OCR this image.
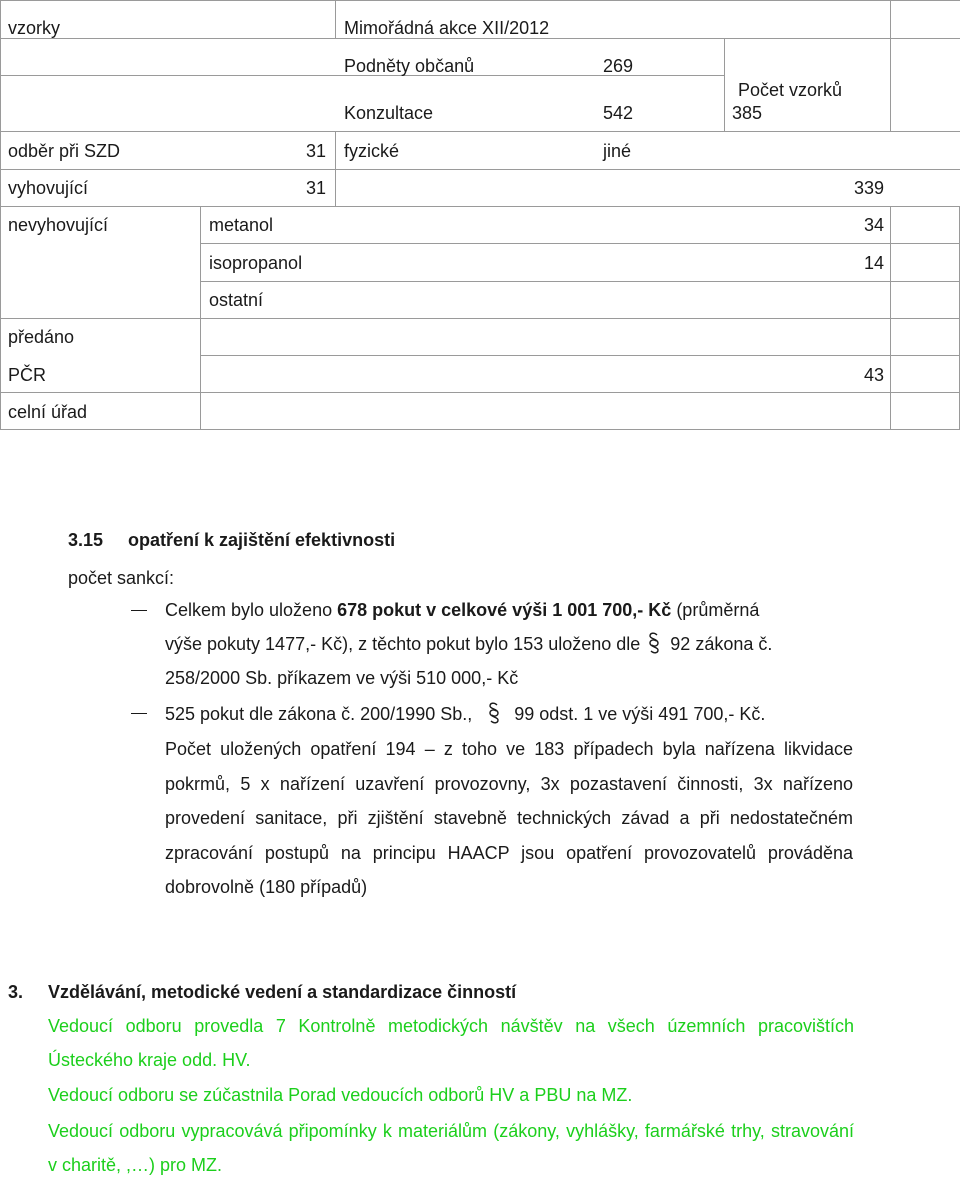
vzorky	Mimořádná akce XII/2012
Podněty občanů	269
Konzultace	542
Počet vzorků
385
odběr při SZD	31 fyzické	jiné
vyhovující	31	339
nevyhovující	metanol	34
isopropanol	14
ostatní
předáno
PČR	43
celní úřad
3.15 opatření k zajištění efektivnosti
počet sankcí:
Celkem bylo uloženo 678 pokut v celkové výši 1 001 700,- Kč (průměrná
výše pokuty 1477,- Kč), z těchto pokut bylo 153 uloženo dle 92 zákona č.
258/2000 Sb. příkazem ve výši 510 000,- Kč
525 pokut dle zákona č. 200/1990 Sb., 99 odst. 1 ve výši 491 700,- Kč.
Počet uložených opatření 194 – z toho ve 183 případech byla nařízena likvidace pokrmů, 5 x nařízení uzavření provozovny, 3x pozastavení činnosti, 3x nařízeno provedení sanitace, při zjištění stavebně technických závad a při nedostatečném zpracování postupů na principu HAACP jsou opatření provozovatelů prováděna dobrovolně (180 případů)
3. Vzdělávání, metodické vedení a standardizace činností
Vedoucí odboru provedla 7 Kontrolně metodických návštěv na všech územních pracovištích Ústeckého kraje odd. HV.
Vedoucí odboru se zúčastnila Porad vedoucích odborů HV a PBU na MZ.
Vedoucí odboru vypracovává připomínky k materiálům (zákony, vyhlášky, farmářské trhy, stravování v charitě, ,…) pro MZ.
